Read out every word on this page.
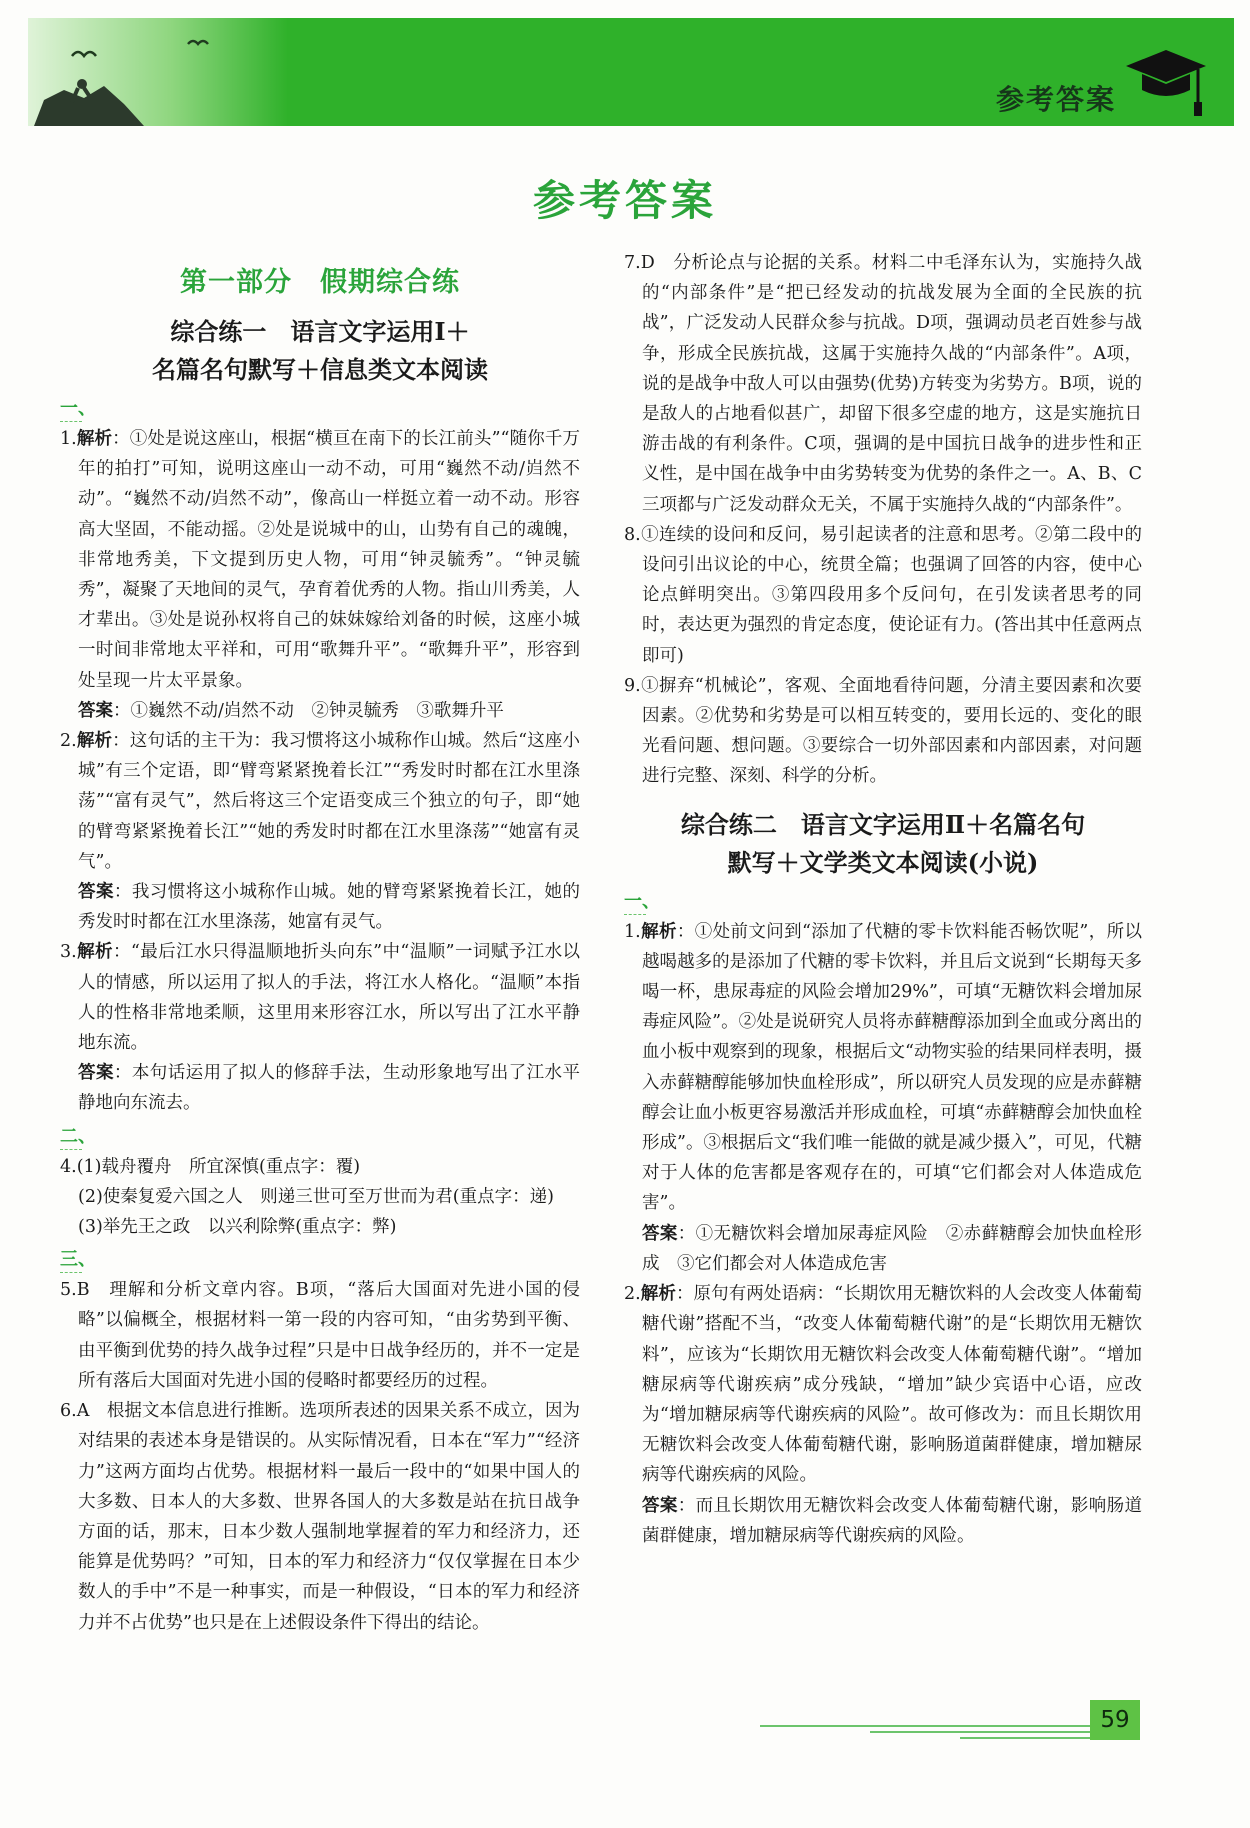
参考答案
参考答案
第一部分　假期综合练
综合练一　语言文字运用Ⅰ＋
名篇名句默写＋信息类文本阅读
一、

1.解析：①处是说这座山，根据“横亘在南下的长江前头”“随你千万年的拍打”可知，说明这座山一动不动，可用“巍然不动/岿然不动”。“巍然不动/岿然不动”，像高山一样挺立着一动不动。形容高大坚固，不能动摇。②处是说城中的山，山势有自己的魂魄，非常地秀美，下文提到历史人物，可用“钟灵毓秀”。“钟灵毓秀”，凝聚了天地间的灵气，孕育着优秀的人物。指山川秀美，人才辈出。③处是说孙权将自己的妹妹嫁给刘备的时候，这座小城一时间非常地太平祥和，可用“歌舞升平”。“歌舞升平”，形容到处呈现一片太平景象。

答案：①巍然不动/岿然不动　②钟灵毓秀　③歌舞升平

2.解析：这句话的主干为：我习惯将这小城称作山城。然后“这座小城”有三个定语，即“臂弯紧紧挽着长江”“秀发时时都在江水里涤荡”“富有灵气”，然后将这三个定语变成三个独立的句子，即“她的臂弯紧紧挽着长江”“她的秀发时时都在江水里涤荡”“她富有灵气”。

答案：我习惯将这小城称作山城。她的臂弯紧紧挽着长江，她的秀发时时都在江水里涤荡，她富有灵气。

3.解析：“最后江水只得温顺地折头向东”中“温顺”一词赋予江水以人的情感，所以运用了拟人的手法，将江水人格化。“温顺”本指人的性格非常地柔顺，这里用来形容江水，所以写出了江水平静地东流。

答案：本句话运用了拟人的修辞手法，生动形象地写出了江水平静地向东流去。

二、

4.(1)载舟覆舟　所宜深慎(重点字：覆)

(2)使秦复爱六国之人　则递三世可至万世而为君(重点字：递)

(3)举先王之政　以兴利除弊(重点字：弊)

三、

5.B　理解和分析文章内容。B项，“落后大国面对先进小国的侵略”以偏概全，根据材料一第一段的内容可知，“由劣势到平衡、由平衡到优势的持久战争过程”只是中日战争经历的，并不一定是所有落后大国面对先进小国的侵略时都要经历的过程。

6.A　根据文本信息进行推断。选项所表述的因果关系不成立，因为对结果的表述本身是错误的。从实际情况看，日本在“军力”“经济力”这两方面均占优势。根据材料一最后一段中的“如果中国人的大多数、日本人的大多数、世界各国人的大多数是站在抗日战争方面的话，那末，日本少数人强制地掌握着的军力和经济力，还能算是优势吗？”可知，日本的军力和经济力“仅仅掌握在日本少数人的手中”不是一种事实，而是一种假设，“日本的军力和经济力并不占优势”也只是在上述假设条件下得出的结论。

7.D　分析论点与论据的关系。材料二中毛泽东认为，实施持久战的“内部条件”是“把已经发动的抗战发展为全面的全民族的抗战”，广泛发动人民群众参与抗战。D项，强调动员老百姓参与战争，形成全民族抗战，这属于实施持久战的“内部条件”。A项，说的是战争中敌人可以由强势(优势)方转变为劣势方。B项，说的是敌人的占地看似甚广，却留下很多空虚的地方，这是实施抗日游击战的有利条件。C项，强调的是中国抗日战争的进步性和正义性，是中国在战争中由劣势转变为优势的条件之一。A、B、C三项都与广泛发动群众无关，不属于实施持久战的“内部条件”。

8.①连续的设问和反问，易引起读者的注意和思考。②第二段中的设问引出议论的中心，统贯全篇；也强调了回答的内容，使中心论点鲜明突出。③第四段用多个反问句，在引发读者思考的同时，表达更为强烈的肯定态度，使论证有力。(答出其中任意两点即可)

9.①摒弃“机械论”，客观、全面地看待问题，分清主要因素和次要因素。②优势和劣势是可以相互转变的，要用长远的、变化的眼光看问题、想问题。③要综合一切外部因素和内部因素，对问题进行完整、深刻、科学的分析。

综合练二　语言文字运用Ⅱ＋名篇名句
默写＋文学类文本阅读(小说)
一、

1.解析：①处前文问到“添加了代糖的零卡饮料能否畅饮呢”，所以越喝越多的是添加了代糖的零卡饮料，并且后文说到“长期每天多喝一杯，患尿毒症的风险会增加29%”，可填“无糖饮料会增加尿毒症风险”。②处是说研究人员将赤藓糖醇添加到全血或分离出的血小板中观察到的现象，根据后文“动物实验的结果同样表明，摄入赤藓糖醇能够加快血栓形成”，所以研究人员发现的应是赤藓糖醇会让血小板更容易激活并形成血栓，可填“赤藓糖醇会加快血栓形成”。③根据后文“我们唯一能做的就是减少摄入”，可见，代糖对于人体的危害都是客观存在的，可填“它们都会对人体造成危害”。

答案：①无糖饮料会增加尿毒症风险　②赤藓糖醇会加快血栓形成　③它们都会对人体造成危害

2.解析：原句有两处语病：“长期饮用无糖饮料的人会改变人体葡萄糖代谢”搭配不当，“改变人体葡萄糖代谢”的是“长期饮用无糖饮料”，应该为“长期饮用无糖饮料会改变人体葡萄糖代谢”。“增加糖尿病等代谢疾病”成分残缺，“增加”缺少宾语中心语，应改为“增加糖尿病等代谢疾病的风险”。故可修改为：而且长期饮用无糖饮料会改变人体葡萄糖代谢，影响肠道菌群健康，增加糖尿病等代谢疾病的风险。

答案：而且长期饮用无糖饮料会改变人体葡萄糖代谢，影响肠道菌群健康，增加糖尿病等代谢疾病的风险。

59
